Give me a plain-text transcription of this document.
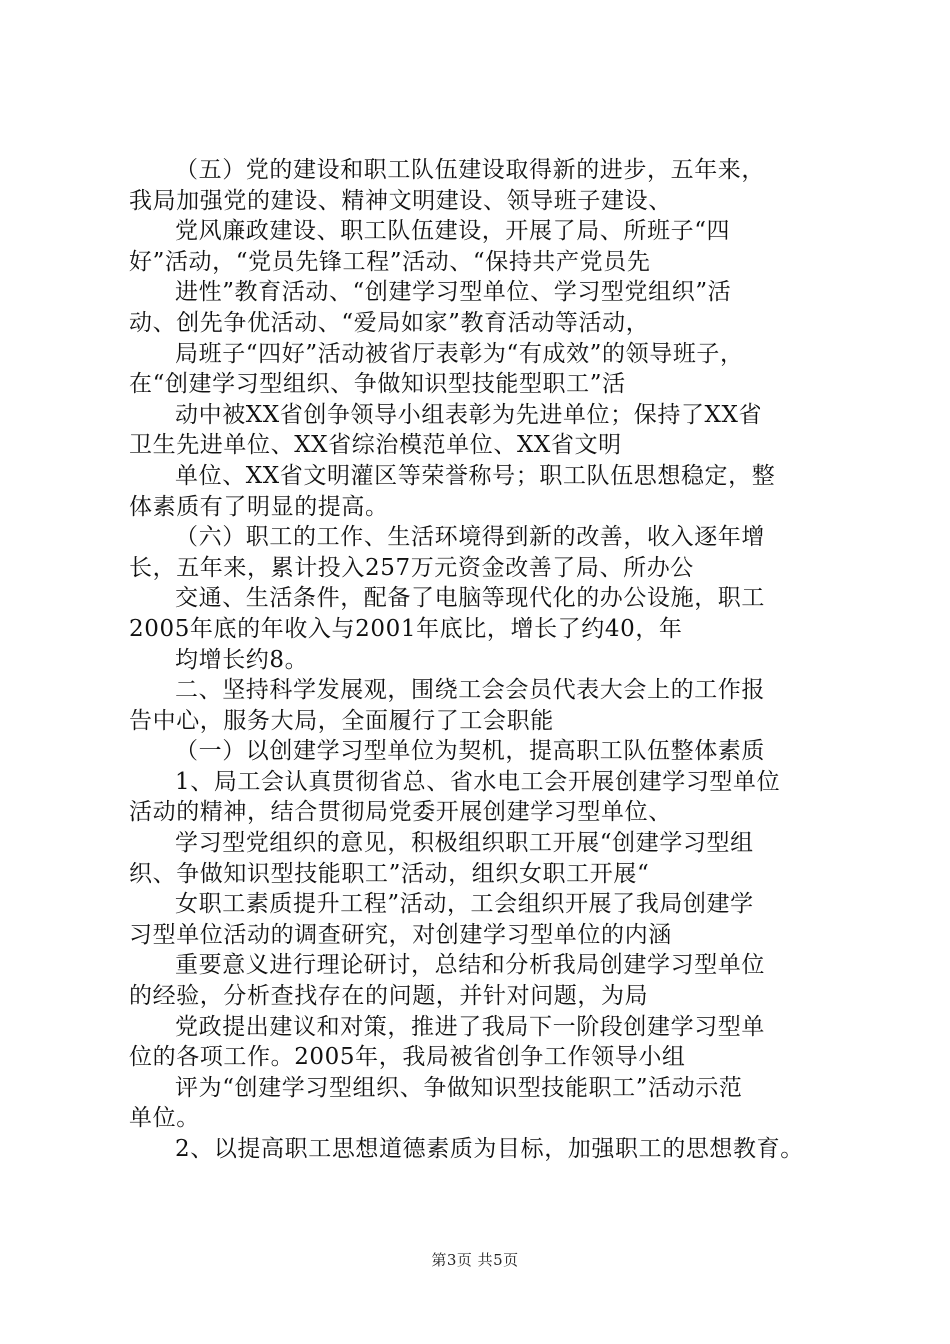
（五）党的建设和职工队伍建设取得新的进步，五年来，
我局加强党的建设、精神文明建设、领导班子建设、
党风廉政建设、职工队伍建设，开展了局、所班子“四
好”活动，“党员先锋工程”活动、“保持共产党员先
进性”教育活动、“创建学习型单位、学习型党组织”活
动、创先争优活动、“爱局如家”教育活动等活动，
局班子“四好”活动被省厅表彰为“有成效”的领导班子，
在“创建学习型组织、争做知识型技能型职工”活
动中被XX省创争领导小组表彰为先进单位；保持了XX省
卫生先进单位、XX省综治模范单位、XX省文明
单位、XX省文明灌区等荣誉称号；职工队伍思想稳定，整
体素质有了明显的提高。
（六）职工的工作、生活环境得到新的改善，收入逐年增
长，五年来，累计投入257万元资金改善了局、所办公
交通、生活条件，配备了电脑等现代化的办公设施，职工
2005年底的年收入与2001年底比，增长了约40，年
均增长约8。
二、坚持科学发展观，围绕工会会员代表大会上的工作报
告中心，服务大局，全面履行了工会职能
（一）以创建学习型单位为契机，提高职工队伍整体素质
1、局工会认真贯彻省总、省水电工会开展创建学习型单位
活动的精神，结合贯彻局党委开展创建学习型单位、
学习型党组织的意见，积极组织职工开展“创建学习型组
织、争做知识型技能职工”活动，组织女职工开展“
女职工素质提升工程”活动，工会组织开展了我局创建学
习型单位活动的调查研究，对创建学习型单位的内涵
重要意义进行理论研讨，总结和分析我局创建学习型单位
的经验，分析查找存在的问题，并针对问题，为局
党政提出建议和对策，推进了我局下一阶段创建学习型单
位的各项工作。2005年，我局被省创争工作领导小组
评为“创建学习型组织、争做知识型技能职工”活动示范
单位。
2、以提高职工思想道德素质为目标，加强职工的思想教育。
第3页 共5页
